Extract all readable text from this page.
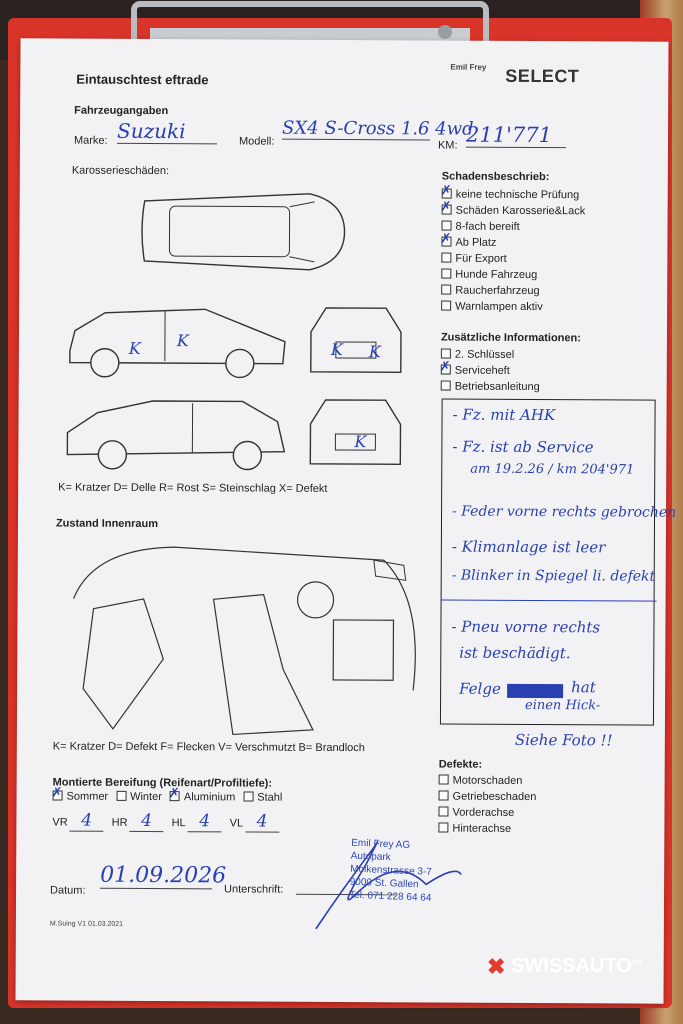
Eintauschtest eftrade
Emil Frey SELECT
Fahrzeugangaben
Marke: Suzuki	Modell:
SX4 S-Cross 1.6 4wd
KM: 211'771
Karosserieschäden:
K K	K K
K
K= Kratzer D= Delle R= Rost S= Steinschlag X= Defekt
Schadensbeschrieb:
✗keine technische Prüfung
✗Schäden Karosserie&Lack
8-fach bereift
✗Ab Platz
Für Export
Hunde Fahrzeug
Raucherfahrzeug
Warnlampen aktiv
Zusätzliche Informationen:
2. Schlüssel
✗Serviceheft
Betriebsanleitung
Zustand Innenraum
K= Kratzer D= Defekt F= Flecken V= Verschmutzt B= Brandloch
- Fz. mit AHK
- Fz. ist ab Service
am 19.2.26 / km 204'971
- Feder vorne rechts gebrochen
- Klimanlage ist leer
- Blinker in Spiegel li. defekt
- Pneu vorne rechts
ist beschädigt.
Felge	hat
einen Hick-
Siehe Foto !!
Montierte Bereifung (Reifenart/Profiltiefe):
✗Sommer Winter✗ Aluminium Stahl
VR 4 HR 4 HL 4 VL 4
Defekte:
Motorschaden
Getriebeschaden
Vorderachse
Hinterachse
Datum:
01.09.2026
Unterschrift:
Emil Frey AG
Autopark
Molkenstrasse 3-7
9000 St. Gallen
Tel. 071 228 64 64
M.Suing V1 01.03.2021
✖ SWISSAUTO™
